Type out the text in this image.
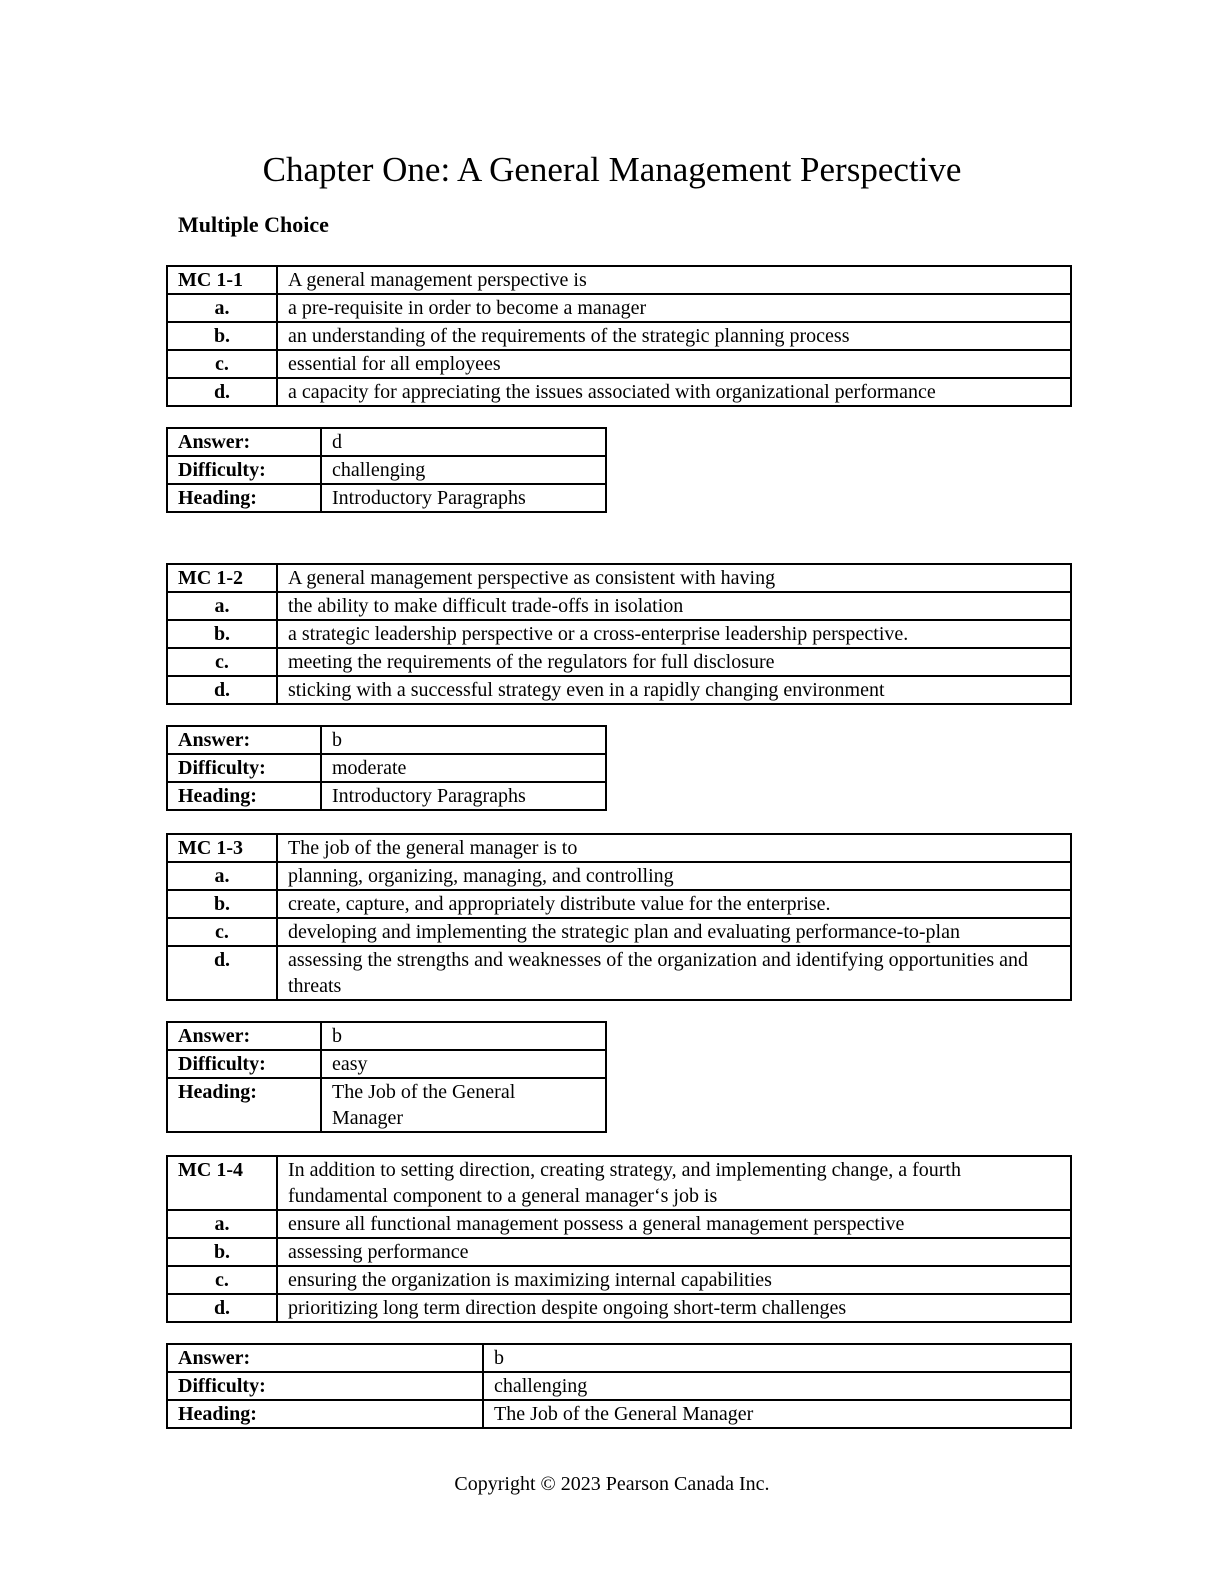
Chapter One: A General Management Perspective
Multiple Choice
MC 1-1	A general management perspective is
a.	a pre-requisite in order to become a manager
b.	an understanding of the requirements of the strategic planning process
c.	essential for all employees
d.	a capacity for appreciating the issues associated with organizational performance
Answer:	d
Difficulty:	challenging
Heading:	Introductory Paragraphs
MC 1-2	A general management perspective as consistent with having
a.	the ability to make difficult trade-offs in isolation
b.	a strategic leadership perspective or a cross-enterprise leadership perspective.
c.	meeting the requirements of the regulators for full disclosure
d.	sticking with a successful strategy even in a rapidly changing environment
Answer:	b
Difficulty:	moderate
Heading:	Introductory Paragraphs
MC 1-3	The job of the general manager is to
a.	planning, organizing, managing, and controlling
b.	create, capture, and appropriately distribute value for the enterprise.
c.	developing and implementing the strategic plan and evaluating performance-to-plan
d.	assessing the strengths and weaknesses of the organization and identifying opportunities and threats
Answer:	b
Difficulty:	easy
Heading:	The Job of the General Manager
MC 1-4	In addition to setting direction, creating strategy, and implementing change, a fourth fundamental component to a general manager‘s job is
a.	ensure all functional management possess a general management perspective
b.	assessing performance
c.	ensuring the organization is maximizing internal capabilities
d.	prioritizing long term direction despite ongoing short-term challenges
Answer:	b
Difficulty:	challenging
Heading:	The Job of the General Manager
Copyright © 2023 Pearson Canada Inc.
